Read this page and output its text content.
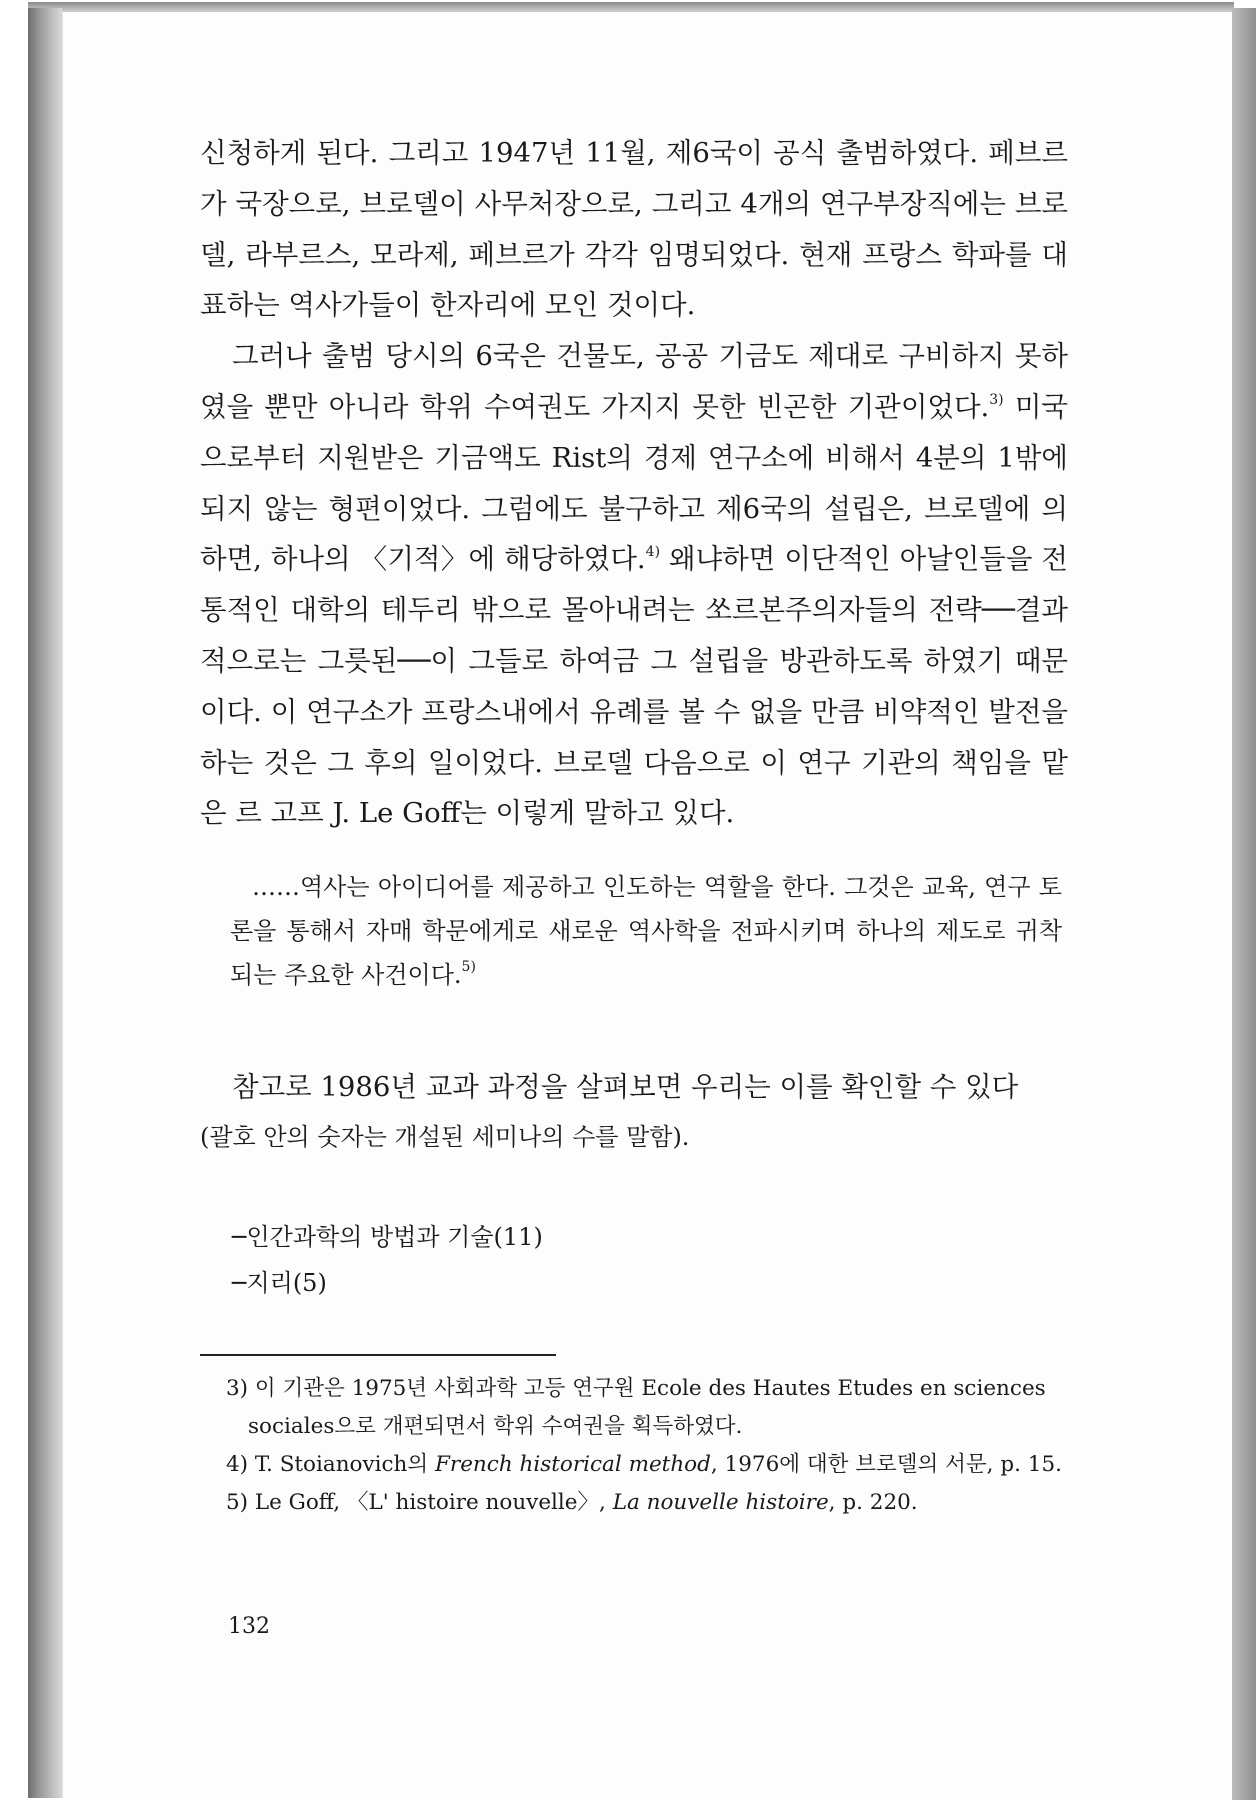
신청하게 된다. 그리고 1947년 11월, 제6국이 공식 출범하였다. 페브르가 국장으로, 브로델이 사무처장으로, 그리고 4개의 연구부장직에는 브로델, 라부르스, 모라제, 페브르가 각각 임명되었다. 현재 프랑스 학파를 대표하는 역사가들이 한자리에 모인 것이다.

그러나 출범 당시의 6국은 건물도, 공공 기금도 제대로 구비하지 못하였을 뿐만 아니라 학위 수여권도 가지지 못한 빈곤한 기관이었다.$^{3)}$ 미국으로부터 지원받은 기금액도 Rist의 경제 연구소에 비해서 4분의 1밖에 되지 않는 형편이었다. 그럼에도 불구하고 제6국의 설립은, 브로델에 의하면, 하나의 〈기적〉에 해당하였다.$^{4)}$ 왜냐하면 이단적인 아날인들을 전통적인 대학의 테두리 밖으로 몰아내려는 쏘르본주의자들의 전략──결과적으로는 그릇된──이 그들로 하여금 그 설립을 방관하도록 하였기 때문이다. 이 연구소가 프랑스내에서 유례를 볼 수 없을 만큼 비약적인 발전을 하는 것은 그 후의 일이었다. 브로델 다음으로 이 연구 기관의 책임을 맡은 르 고프 J. Le Goff는 이렇게 말하고 있다.

……역사는 아이디어를 제공하고 인도하는 역할을 한다. 그것은 교육, 연구 토론을 통해서 자매 학문에게로 새로운 역사학을 전파시키며 하나의 제도로 귀착되는 주요한 사건이다.$^{5)}$

참고로 1986년 교과 과정을 살펴보면 우리는 이를 확인할 수 있다
(괄호 안의 숫자는 개설된 세미나의 수를 말함).

─인간과학의 방법과 기술(11)
─지리(5)
3) 이 기관은 1975년 사회과학 고등 연구원 Ecole des Hautes Etudes en sciences
sociales으로 개편되면서 학위 수여권을 획득하였다.
4) T. Stoianovich의 French historical method, 1976에 대한 브로델의 서문, p. 15.
5) Le Goff, 〈L' histoire nouvelle〉, La nouvelle histoire, p. 220.
132
